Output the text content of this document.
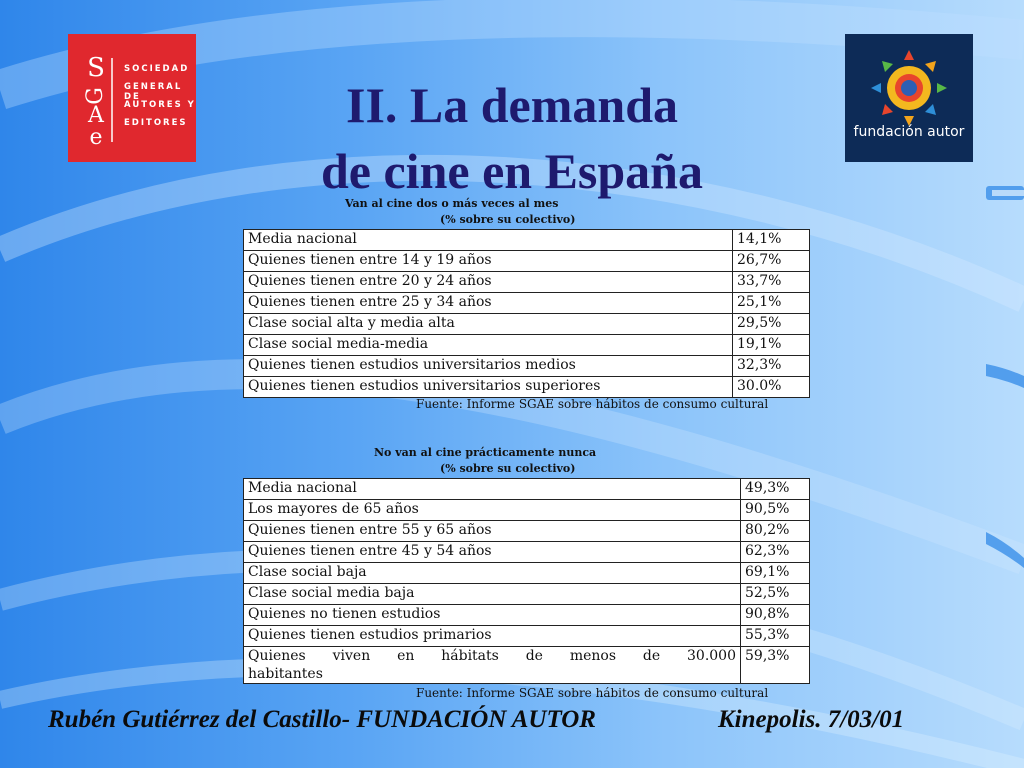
S
G
A
e
SOCIEDAD
GENERAL DE
AUTORES Y
EDITORES
fundación autor
II. La demanda
de cine en España
Van al cine dos o más veces al mes
(% sobre su colectivo)
Media nacional	14,1%
Quienes tienen entre 14 y 19 años	26,7%
Quienes tienen entre 20 y 24 años	33,7%
Quienes tienen entre 25 y 34 años	25,1%
Clase social alta y media alta	29,5%
Clase social media-media	19,1%
Quienes tienen estudios universitarios medios	32,3%
Quienes tienen estudios universitarios superiores	30.0%
Fuente: Informe SGAE sobre hábitos de consumo cultural
No van al cine prácticamente nunca
(% sobre su colectivo)
Media nacional	49,3%
Los mayores de 65 años	90,5%
Quienes tienen entre 55 y 65 años	80,2%
Quienes tienen entre 45 y 54 años	62,3%
Clase social baja	69,1%
Clase social media baja	52,5%
Quienes no tienen estudios	90,8%
Quienes tienen estudios primarios	55,3%

Quienes viven en hábitats de menos de 30.000
habitantes	59,3%
Fuente: Informe SGAE sobre hábitos de consumo cultural
Rubén Gutiérrez del Castillo- FUNDACIÓN AUTOR	Kinepolis. 7/03/01
